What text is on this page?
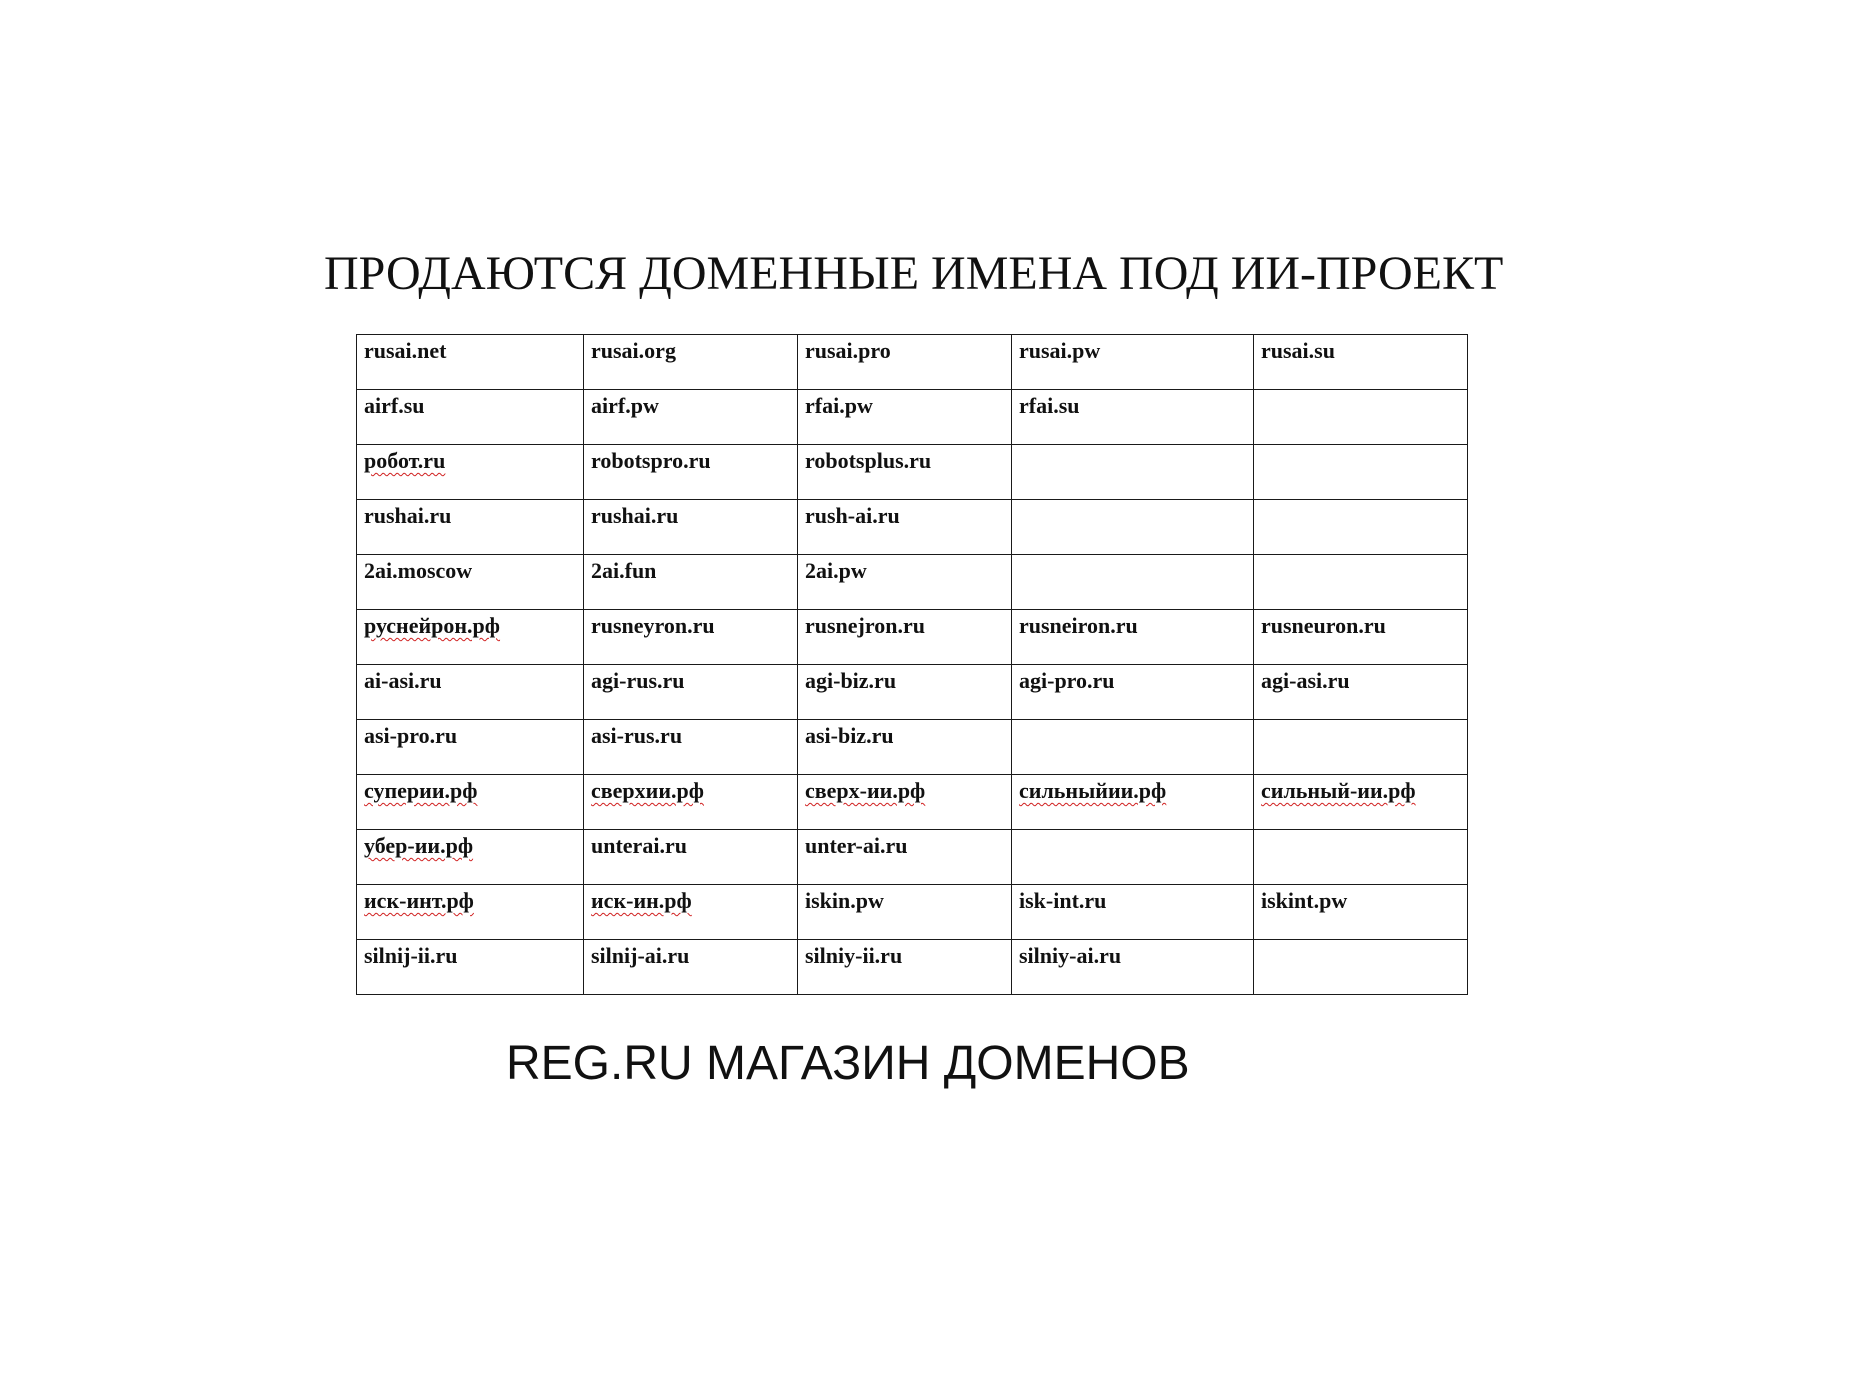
ПРОДАЮТСЯ ДОМЕННЫЕ ИМЕНА ПОД ИИ-ПРОЕКТ
rusai.net	rusai.org	rusai.pro	rusai.pw	rusai.su
airf.su	airf.pw	rfai.pw	rfai.su	
робот.ru	robotspro.ru	robotsplus.ru		
rushai.ru	rushai.ru	rush-ai.ru		
2ai.moscow	2ai.fun	2ai.pw		
руснейрон.рф	rusneyron.ru	rusnejron.ru	rusneiron.ru	rusneuron.ru
ai-asi.ru	agi-rus.ru	agi-biz.ru	agi-pro.ru	agi-asi.ru
asi-pro.ru	asi-rus.ru	asi-biz.ru		
суперии.рф	сверхии.рф	сверх-ии.рф	сильныйии.рф	сильный-ии.рф
убер-ии.рф	unterai.ru	unter-ai.ru		
иск-инт.рф	иск-ин.рф	iskin.pw	isk-int.ru	iskint.pw
silnij-ii.ru	silnij-ai.ru	silniy-ii.ru	silniy-ai.ru	
REG.RU МАГАЗИН ДОМЕНОВ
